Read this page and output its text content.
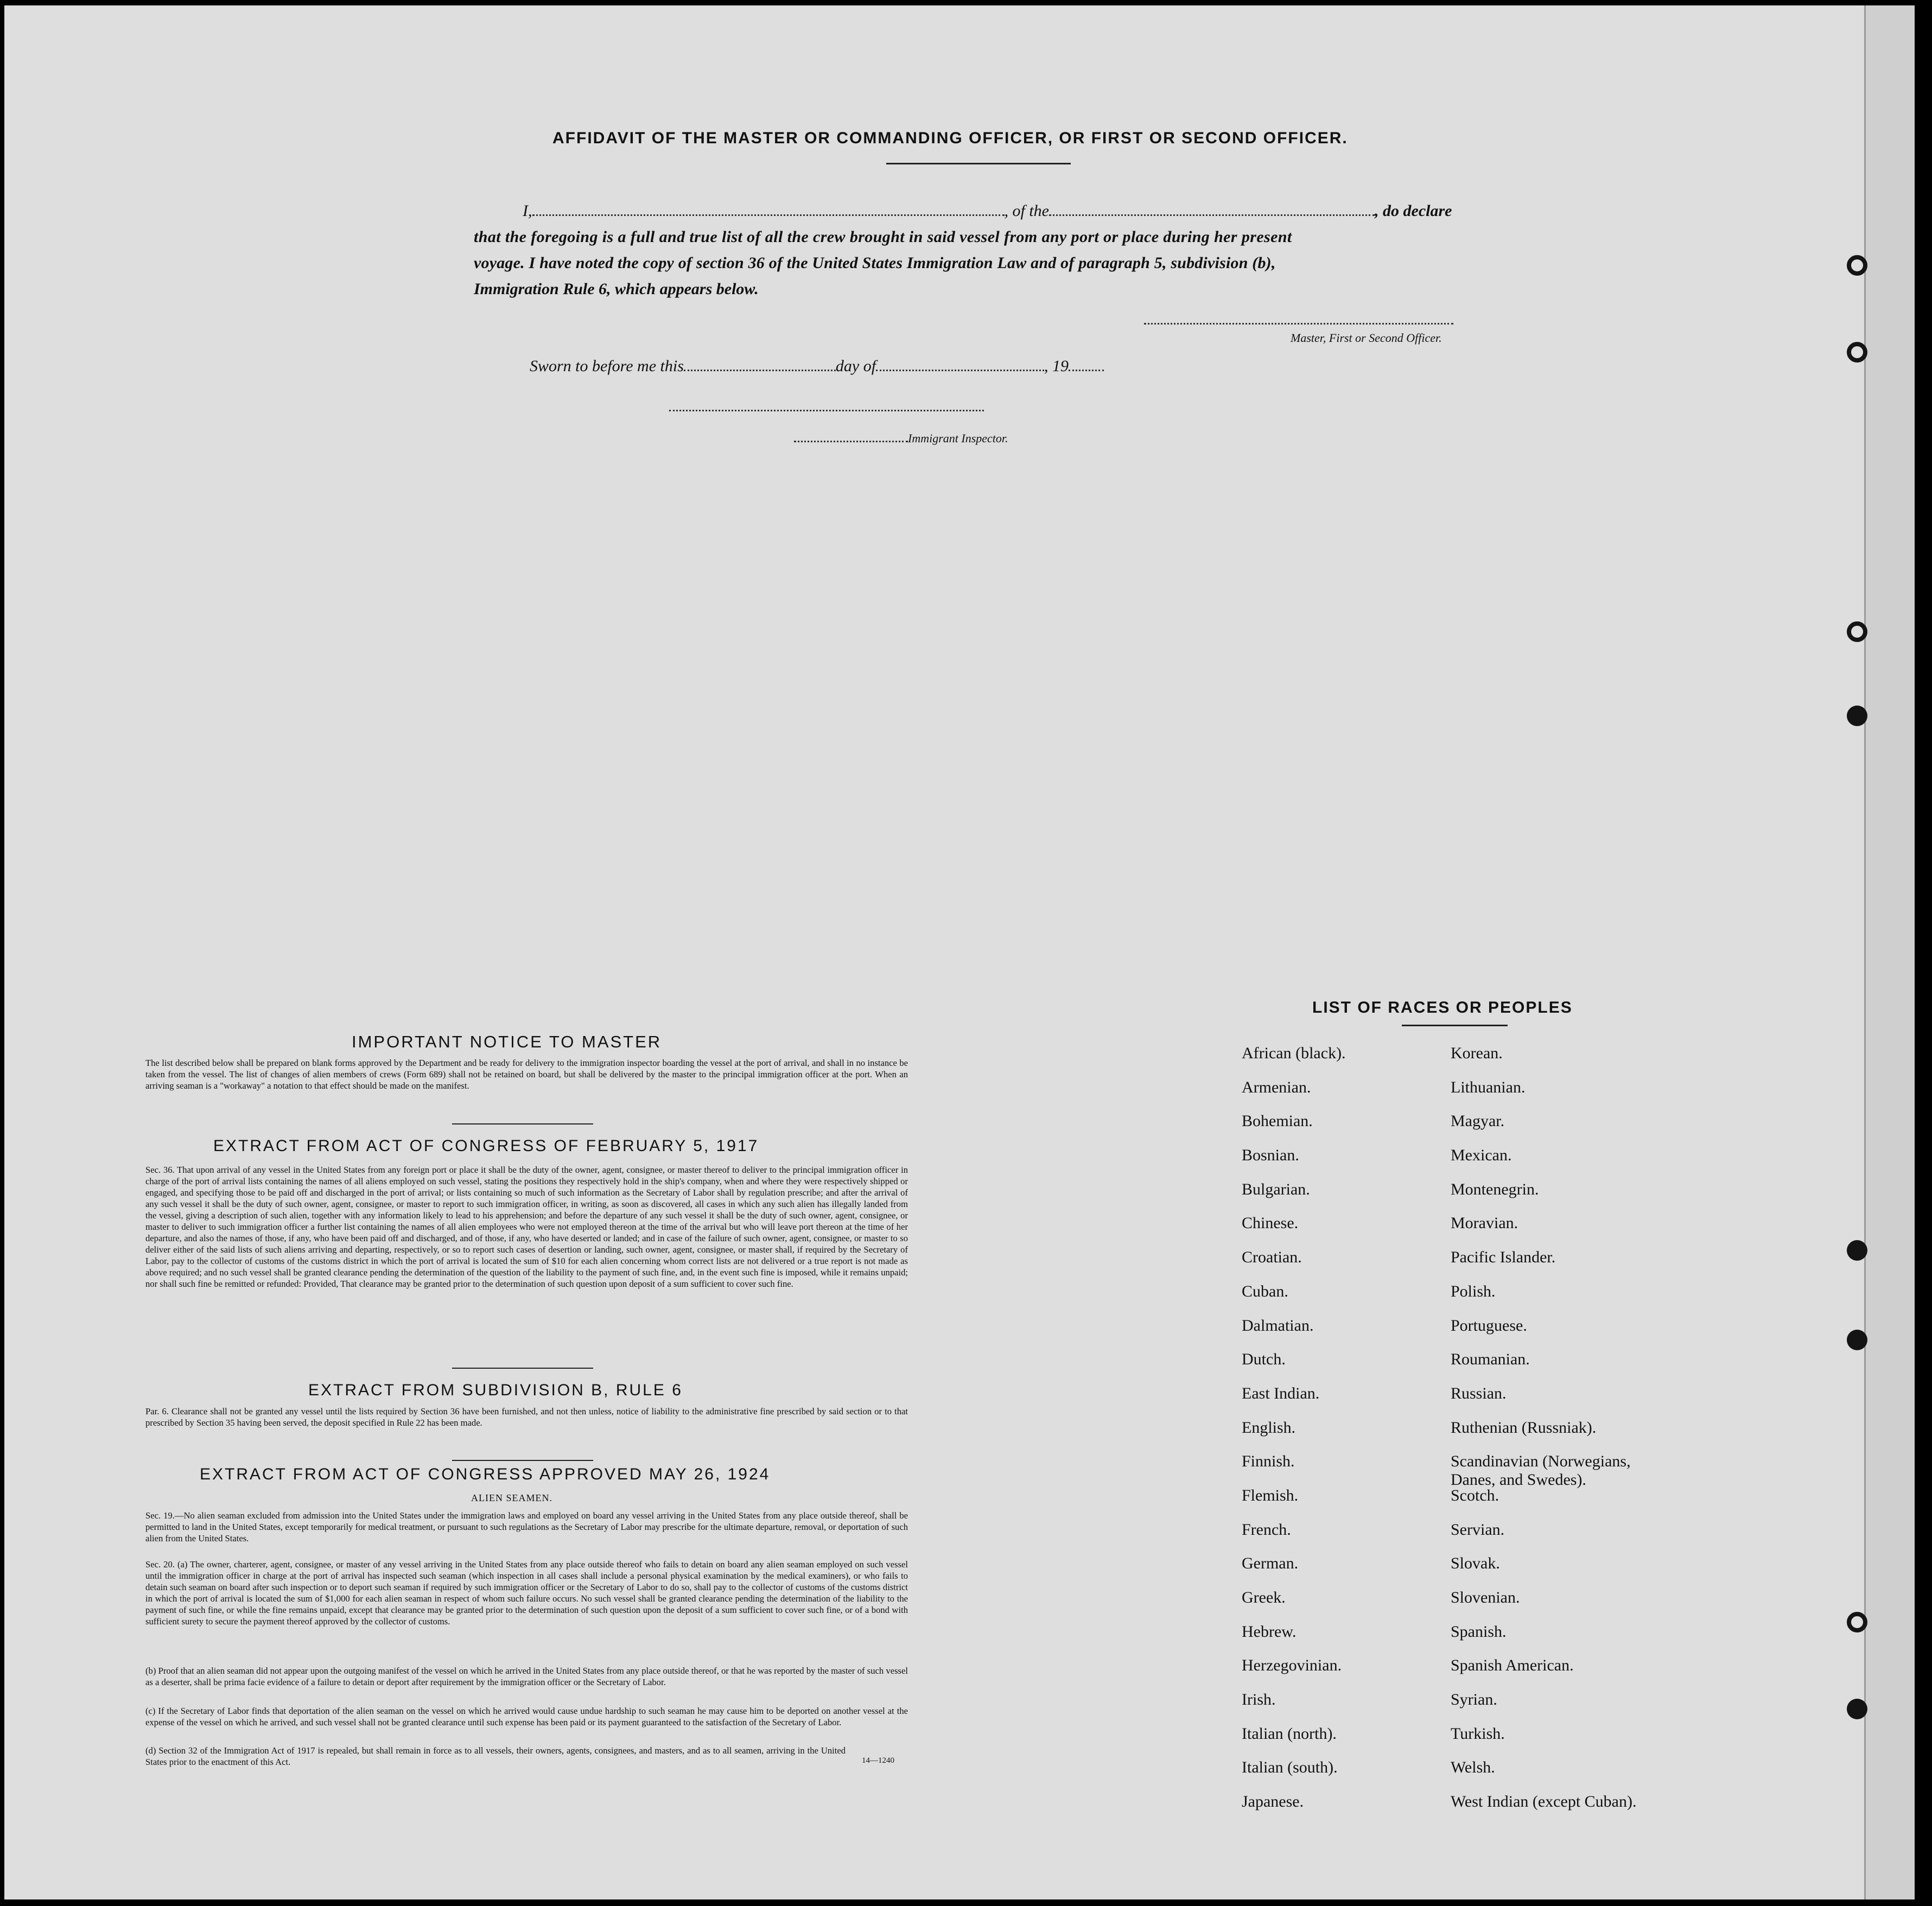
AFFIDAVIT OF THE MASTER OR COMMANDING OFFICER, OR FIRST OR SECOND OFFICER.
I,	, of the	, do declare
that the foregoing is a full and true list of all the crew brought in said vessel from any port or place during her present
voyage. I have noted the copy of section 36 of the United States Immigration Law and of paragraph 5, subdivision (b),
Immigration Rule 6, which appears below.
Master, First or Second Officer.
Sworn to before me this	day of	, 19
Immigrant Inspector.
IMPORTANT NOTICE TO MASTER

The list described below shall be prepared on blank forms approved by the Department and be ready for delivery to the immigration inspector boarding the vessel at the port of arrival, and shall in no instance be taken from the vessel. The list of changes of alien members of crews (Form 689) shall not be retained on board, but shall be delivered by the master to the principal immigration officer at the port. When an arriving seaman is a "workaway" a notation to that effect should be made on the manifest.

EXTRACT FROM ACT OF CONGRESS OF FEBRUARY 5, 1917

Sec. 36. That upon arrival of any vessel in the United States from any foreign port or place it shall be the duty of the owner, agent, consignee, or master thereof to deliver to the principal immigration officer in charge of the port of arrival lists containing the names of all aliens employed on such vessel, stating the positions they respectively hold in the ship's company, when and where they were respectively shipped or engaged, and specifying those to be paid off and discharged in the port of arrival; or lists containing so much of such information as the Secretary of Labor shall by regulation prescribe; and after the arrival of any such vessel it shall be the duty of such owner, agent, consignee, or master to report to such immigration officer, in writing, as soon as discovered, all cases in which any such alien has illegally landed from the vessel, giving a description of such alien, together with any information likely to lead to his apprehension; and before the departure of any such vessel it shall be the duty of such owner, agent, consignee, or master to deliver to such immigration officer a further list containing the names of all alien employees who were not employed thereon at the time of the arrival but who will leave port thereon at the time of her departure, and also the names of those, if any, who have been paid off and discharged, and of those, if any, who have deserted or landed; and in case of the failure of such owner, agent, consignee, or master to so deliver either of the said lists of such aliens arriving and departing, respectively, or so to report such cases of desertion or landing, such owner, agent, consignee, or master shall, if required by the Secretary of Labor, pay to the collector of customs of the customs district in which the port of arrival is located the sum of $10 for each alien concerning whom correct lists are not delivered or a true report is not made as above required; and no such vessel shall be granted clearance pending the determination of the question of the liability to the payment of such fine, and, in the event such fine is imposed, while it remains unpaid; nor shall such fine be remitted or refunded: Provided, That clearance may be granted prior to the determination of such question upon deposit of a sum sufficient to cover such fine.

EXTRACT FROM SUBDIVISION B, RULE 6

Par. 6. Clearance shall not be granted any vessel until the lists required by Section 36 have been furnished, and not then unless, notice of liability to the administrative fine prescribed by said section or to that prescribed by Section 35 having been served, the deposit specified in Rule 22 has been made.

EXTRACT FROM ACT OF CONGRESS APPROVED MAY 26, 1924
ALIEN SEAMEN.

Sec. 19.—No alien seaman excluded from admission into the United States under the immigration laws and employed on board any vessel arriving in the United States from any place outside thereof, shall be permitted to land in the United States, except temporarily for medical treatment, or pursuant to such regulations as the Secretary of Labor may prescribe for the ultimate departure, removal, or deportation of such alien from the United States.

Sec. 20. (a) The owner, charterer, agent, consignee, or master of any vessel arriving in the United States from any place outside thereof who fails to detain on board any alien seaman employed on such vessel until the immigration officer in charge at the port of arrival has inspected such seaman (which inspection in all cases shall include a personal physical examination by the medical examiners), or who fails to detain such seaman on board after such inspection or to deport such seaman if required by such immigration officer or the Secretary of Labor to do so, shall pay to the collector of customs of the customs district in which the port of arrival is located the sum of $1,000 for each alien seaman in respect of whom such failure occurs. No such vessel shall be granted clearance pending the determination of the liability to the payment of such fine, or while the fine remains unpaid, except that clearance may be granted prior to the determination of such question upon the deposit of a sum sufficient to cover such fine, or of a bond with sufficient surety to secure the payment thereof approved by the collector of customs.

(b) Proof that an alien seaman did not appear upon the outgoing manifest of the vessel on which he arrived in the United States from any place outside thereof, or that he was reported by the master of such vessel as a deserter, shall be prima facie evidence of a failure to detain or deport after requirement by the immigration officer or the Secretary of Labor.

(c) If the Secretary of Labor finds that deportation of the alien seaman on the vessel on which he arrived would cause undue hardship to such seaman he may cause him to be deported on another vessel at the expense of the vessel on which he arrived, and such vessel shall not be granted clearance until such expense has been paid or its payment guaranteed to the satisfaction of the Secretary of Labor.

(d) Section 32 of the Immigration Act of 1917 is repealed, but shall remain in force as to all vessels, their owners, agents, consignees, and masters, and as to all seamen, arriving in the United States prior to the enactment of this Act.	14—1240
LIST OF RACES OR PEOPLES
African (black).
Armenian.
Bohemian.
Bosnian.
Bulgarian.
Chinese.
Croatian.
Cuban.
Dalmatian.
Dutch.
East Indian.
English.
Finnish.
Flemish.
French.
German.
Greek.
Hebrew.
Herzegovinian.
Irish.
Italian (north).
Italian (south).
Japanese.
Korean.
Lithuanian.
Magyar.
Mexican.
Montenegrin.
Moravian.
Pacific Islander.
Polish.
Portuguese.
Roumanian.
Russian.
Ruthenian (Russniak).
Scandinavian (Norwegians,
Danes, and Swedes).
Scotch.
Servian.
Slovak.
Slovenian.
Spanish.
Spanish American.
Syrian.
Turkish.
Welsh.
West Indian (except Cuban).
